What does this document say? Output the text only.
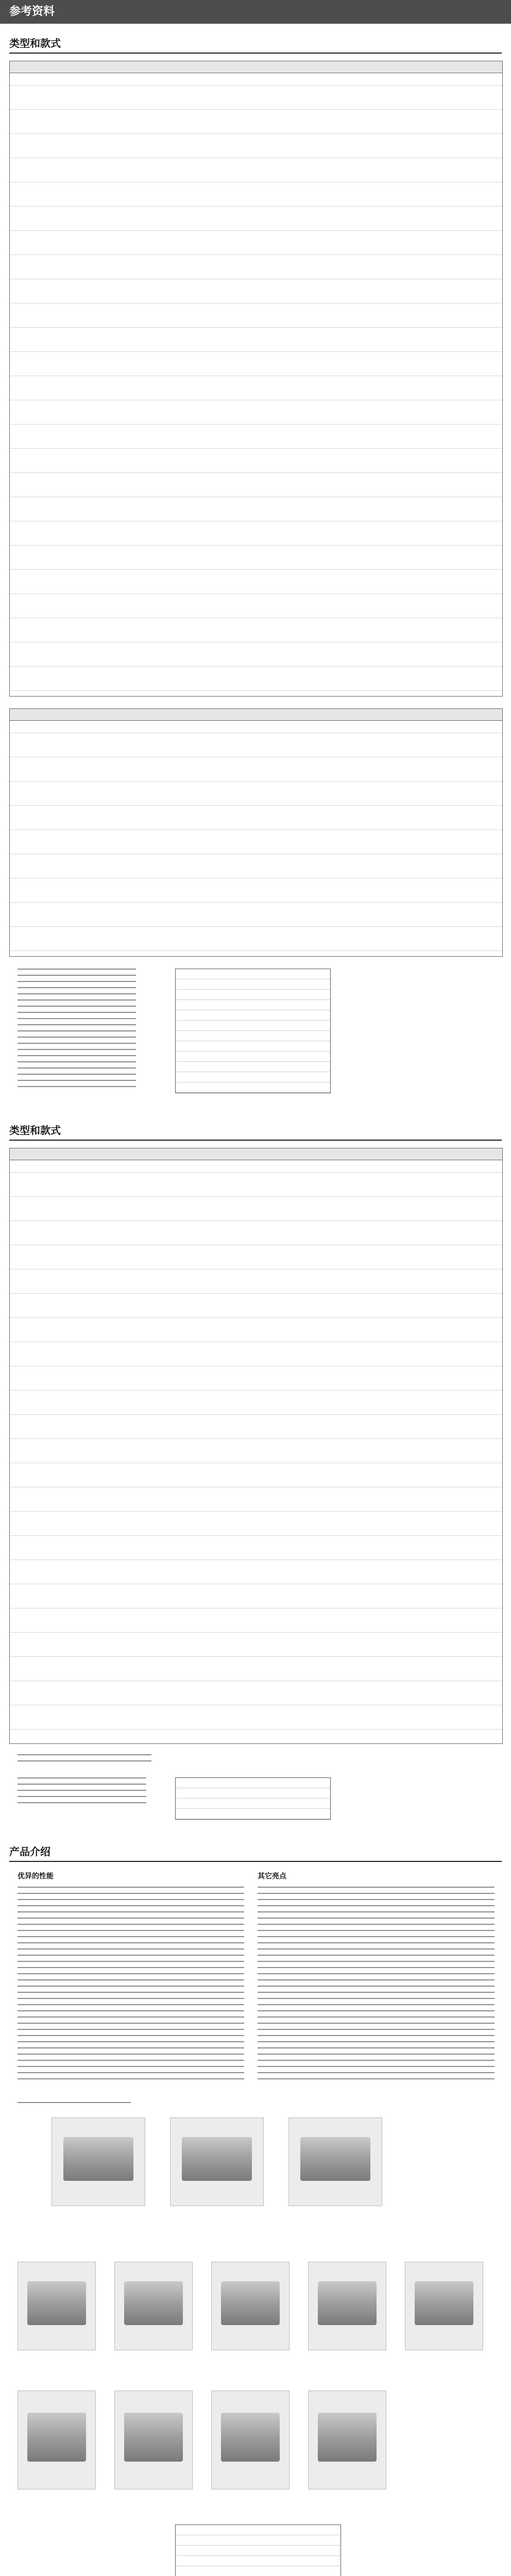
参考资料
类型和款式
类型和款式
产品介绍
优异的性能	其它亮点
